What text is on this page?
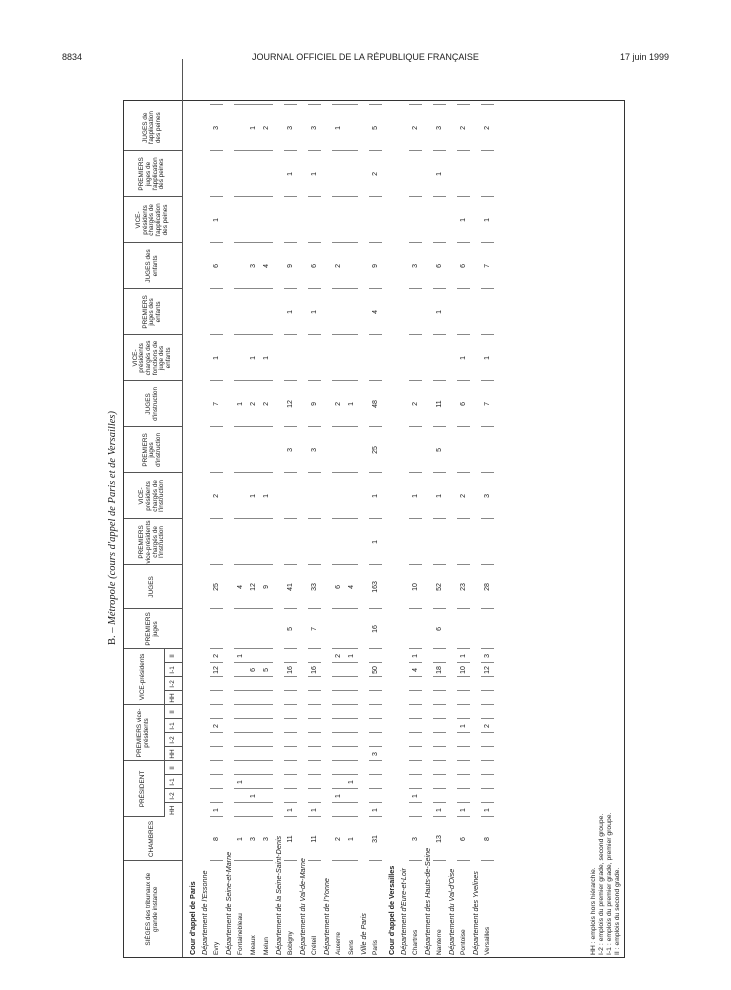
8834	JOURNAL OFFICIEL DE LA RÉPUBLIQUE FRANÇAISE	17 juin 1999
B. – Métropole (cours d'appel de Paris et de Versailles)
SIÈGES des tribunaux de grande instance	CHAMBRES	PRÉSIDENT				PREMIERS vice-présidents				VICE-présidents				PREMIERS juges	JUGES	PREMIERS vice-présidents chargés de l'instruction	VICE-présidents chargés de l'instruction	PREMIERS juges d'instruction	JUGES d'instruction	VICE-présidents chargés des fonctions de juge des enfants	PREMIERS juges des enfants	JUGES des enfants	VICE-présidents chargés de l'application des peines	PREMIERS juges de l'application des peines	JUGES de l'application des peines	
		HH	I-2	I-1	II	HH	I-2	I-1	II	HH	I-2	I-1	II													

Cour d'appel de Paris																										
Département de l'Essonne																										
Evry	8	1						2				12	2		25		2		7	1		6	1		3	
Département de Seine-et-Marne																										
Fontainebleau	1			1									1		4				1							
Meaux	3		1									6			12		1		2	1		3			1	
Melun	3											5			9		1		2	1		4			2	
Département de la Seine-Saint-Denis																										
Bobigny	11	1										16		5	41			3	12		1	9		1	3	
Département du Val-de-Marne																										
Créteil	11	1										16		7	33			3	9		1	6		1	3	
Département de l'Yonne																										
Auxerre	2		1										2		6				2			2			1	
Sens	1			1									1		4				1							
Ville de Paris																										
Paris	31	1				3						50		16	163	1	1	25	48		4	9		2	5	

Cour d'appel de Versailles																										
Département d'Eure-et-Loir																										
Chartres	3		1									4	1		10		1		2			3			2	
Département des Hauts-de-Seine																										
Nanterre	13	1										18		6	52		1	5	11		1	6		1	3	
Département du Val-d'Oise																										
Pontoise	6	1						1				10	1		23		2		6	1		6	1		2	
Département des Yvelines																										
Versailles	8	1						2				12	3		28		3		7	1		7	1		2	
HH : emplois hors hiérarchie. I-2 : emplois du premier grade, second groupe. I-1 : emplois du premier grade, premier groupe. II : emplois du second grade.
